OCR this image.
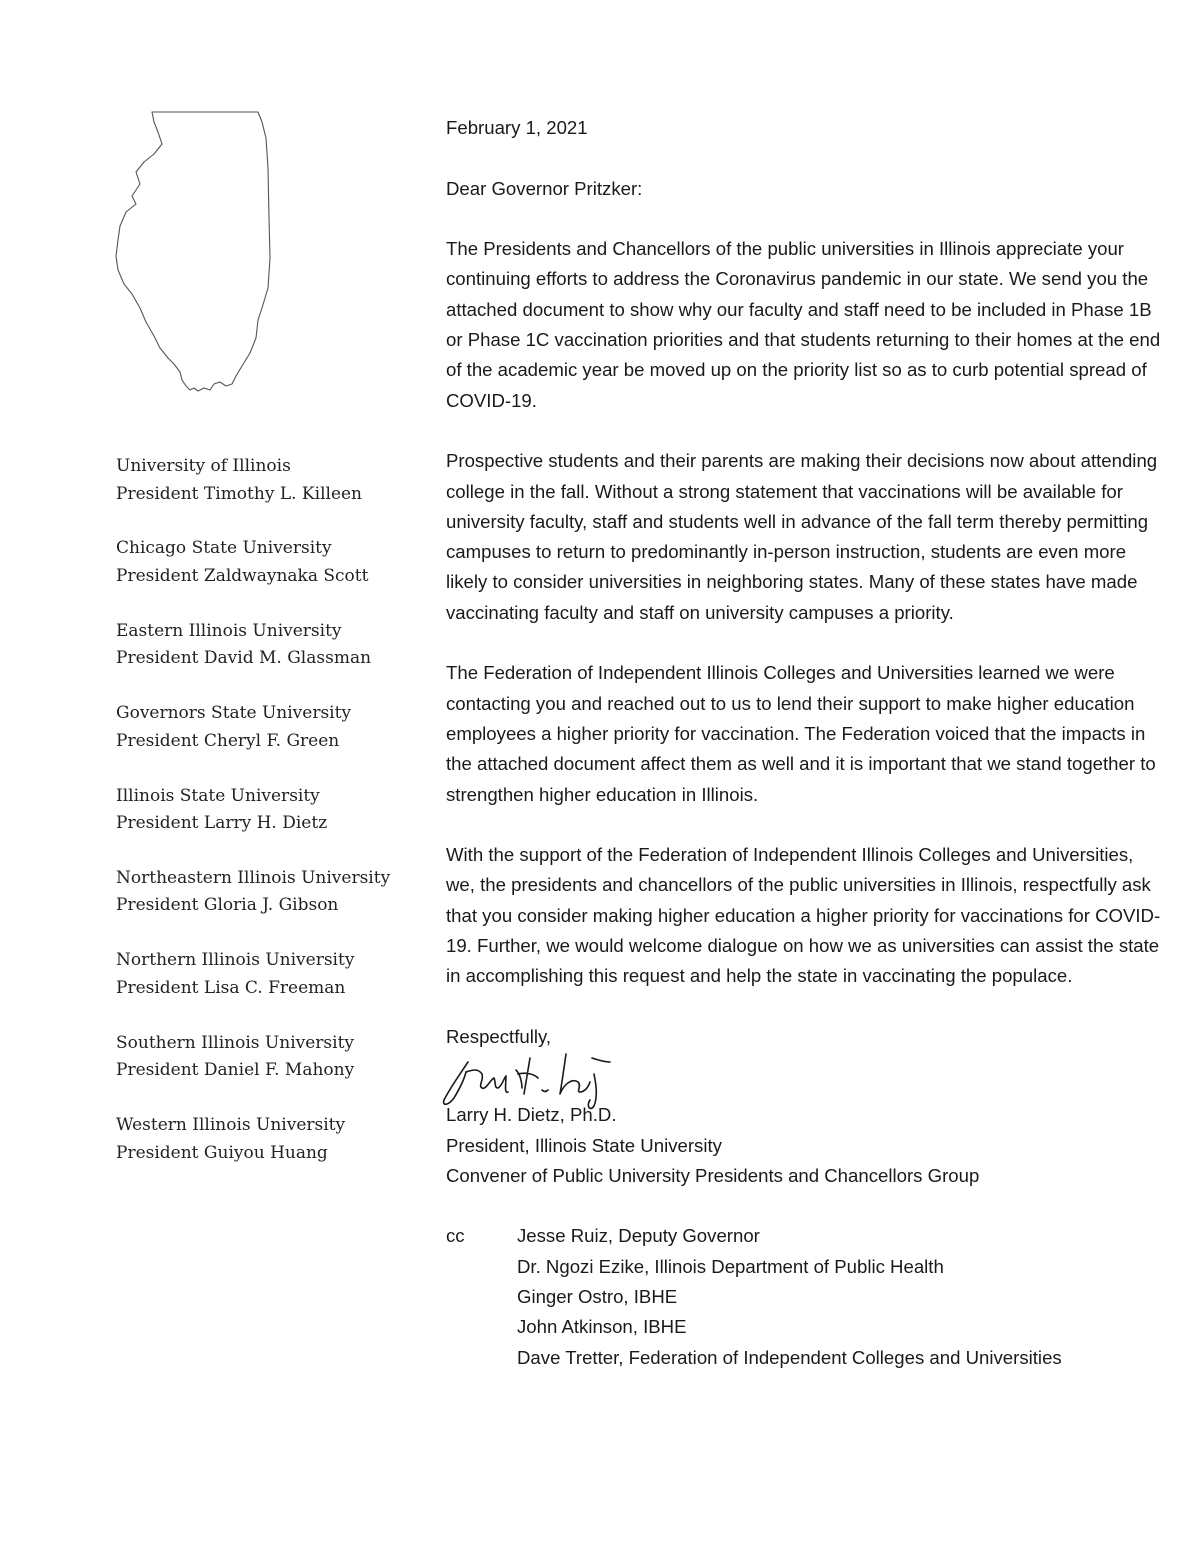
University of Illinois
President Timothy L. Killeen
Chicago State University
President Zaldwaynaka Scott
Eastern Illinois University
President David M. Glassman
Governors State University
President Cheryl F. Green
Illinois State University
President Larry H. Dietz
Northeastern Illinois University
President Gloria J. Gibson
Northern Illinois University
President Lisa C. Freeman
Southern Illinois University
President Daniel F. Mahony
Western Illinois University
President Guiyou Huang

February 1, 2021

Dear Governor Pritzker:

The Presidents and Chancellors of the public universities in Illinois appreciate your continuing efforts to address the Coronavirus pandemic in our state. We send you the attached document to show why our faculty and staff need to be included in Phase 1B or Phase 1C vaccination priorities and that students returning to their homes at the end of the academic year be moved up on the priority list so as to curb potential spread of COVID-19.

Prospective students and their parents are making their decisions now about attending college in the fall. Without a strong statement that vaccinations will be available for university faculty, staff and students well in advance of the fall term thereby permitting campuses to return to predominantly in-person instruction, students are even more likely to consider universities in neighboring states. Many of these states have made vaccinating faculty and staff on university campuses a priority.

The Federation of Independent Illinois Colleges and Universities learned we were contacting you and reached out to us to lend their support to make higher education employees a higher priority for vaccination. The Federation voiced that the impacts in the attached document affect them as well and it is important that we stand together to strengthen higher education in Illinois.

With the support of the Federation of Independent Illinois Colleges and Universities, we, the presidents and chancellors of the public universities in Illinois, respectfully ask that you consider making higher education a higher priority for vaccinations for COVID-19. Further, we would welcome dialogue on how we as universities can assist the state in accomplishing this request and help the state in vaccinating the populace.

Respectfully,

Larry H. Dietz, Ph.D.
President, Illinois State University
Convener of Public University Presidents and Chancellors Group
cc	Jesse Ruiz, Deputy Governor
Dr. Ngozi Ezike, Illinois Department of Public Health
Ginger Ostro, IBHE
John Atkinson, IBHE
Dave Tretter, Federation of Independent Colleges and Universities
